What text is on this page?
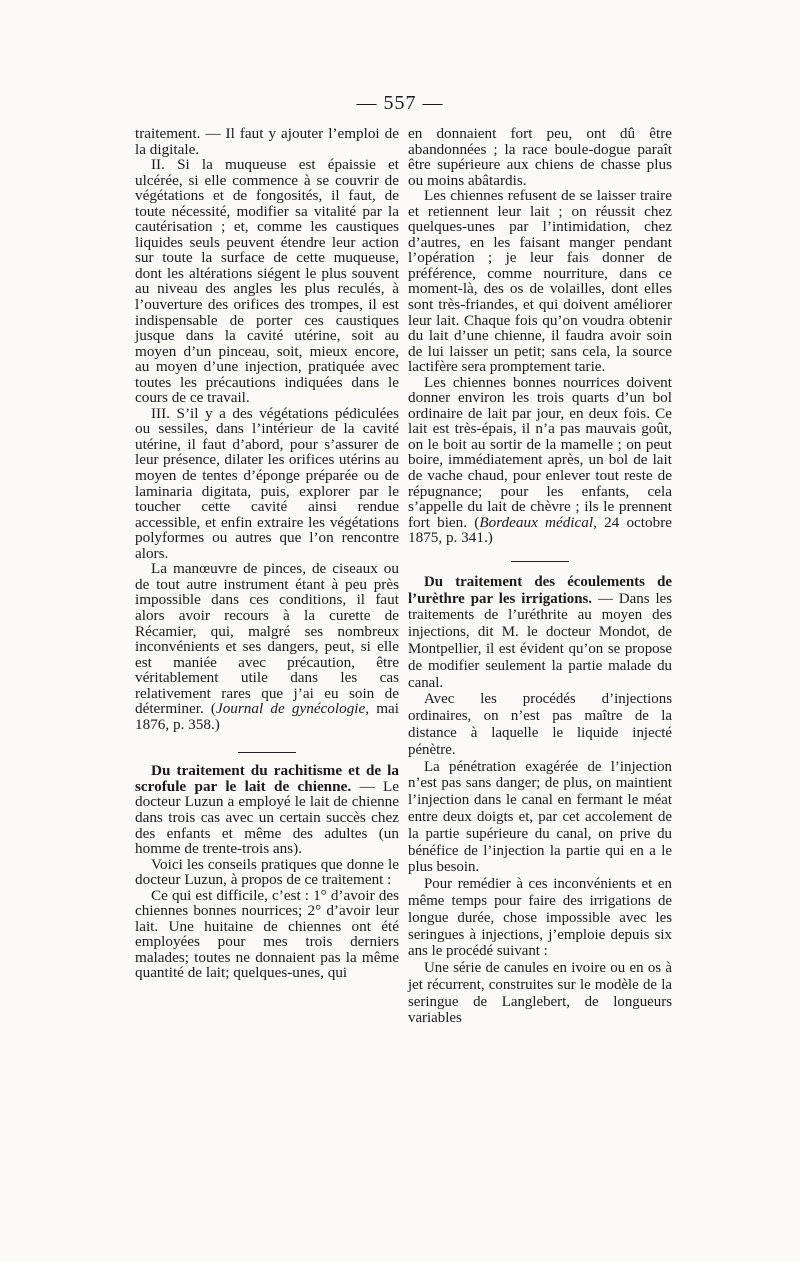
— 557 —

traitement. — Il faut y ajouter l’emploi de la digitale.

II. Si la muqueuse est épaissie et ulcérée, si elle commence à se couvrir de végétations et de fongosités, il faut, de toute nécessité, modifier sa vitalité par la cautérisation ; et, comme les caustiques liquides seuls peuvent étendre leur action sur toute la surface de cette muqueuse, dont les altérations siégent le plus souvent au niveau des angles les plus reculés, à l’ouverture des orifices des trompes, il est indispensable de porter ces caustiques jusque dans la cavité utérine, soit au moyen d’un pinceau, soit, mieux encore, au moyen d’une injection, pratiquée avec toutes les précautions indiquées dans le cours de ce travail.

III. S’il y a des végétations pédiculées ou sessiles, dans l’intérieur de la cavité utérine, il faut d’abord, pour s’assurer de leur présence, dilater les orifices utérins au moyen de tentes d’éponge préparée ou de laminaria digitata, puis, explorer par le toucher cette cavité ainsi rendue accessible, et enfin extraire les végétations polyformes ou autres que l’on rencontre alors.

La manœuvre de pinces, de ciseaux ou de tout autre instrument étant à peu près impossible dans ces conditions, il faut alors avoir recours à la curette de Récamier, qui, malgré ses nombreux inconvénients et ses dangers, peut, si elle est maniée avec précaution, être véritablement utile dans les cas relativement rares que j’ai eu soin de déterminer. (Journal de gynécologie, mai 1876, p. 358.)

Du traitement du rachitisme et de la scrofule par le lait de chienne. — Le docteur Luzun a employé le lait de chienne dans trois cas avec un certain succès chez des enfants et même des adultes (un homme de trente-trois ans).

Voici les conseils pratiques que donne le docteur Luzun, à propos de ce traitement :

Ce qui est difficile, c’est : 1° d’avoir des chiennes bonnes nourrices; 2° d’avoir leur lait. Une huitaine de chiennes ont été employées pour mes trois derniers malades; toutes ne donnaient pas la même quantité de lait; quelques-unes, qui

en donnaient fort peu, ont dû être abandonnées ; la race boule-dogue paraît être supérieure aux chiens de chasse plus ou moins abâtardis.

Les chiennes refusent de se laisser traire et retiennent leur lait ; on réussit chez quelques-unes par l’intimidation, chez d’autres, en les faisant manger pendant l’opération ; je leur fais donner de préférence, comme nourriture, dans ce moment-là, des os de volailles, dont elles sont très-friandes, et qui doivent améliorer leur lait. Chaque fois qu’on voudra obtenir du lait d’une chienne, il faudra avoir soin de lui laisser un petit; sans cela, la source lactifère sera promptement tarie.

Les chiennes bonnes nourrices doivent donner environ les trois quarts d’un bol ordinaire de lait par jour, en deux fois. Ce lait est très-épais, il n’a pas mauvais goût, on le boit au sortir de la mamelle ; on peut boire, immédiatement après, un bol de lait de vache chaud, pour enlever tout reste de répugnance; pour les enfants, cela s’appelle du lait de chèvre ; ils le prennent fort bien. (Bordeaux médical, 24 octobre 1875, p. 341.)

Du traitement des écoulements de l’urèthre par les irrigations. — Dans les traitements de l’uréthrite au moyen des injections, dit M. le docteur Mondot, de Montpellier, il est évident qu’on se propose de modifier seulement la partie malade du canal.

Avec les procédés d’injections ordinaires, on n’est pas maître de la distance à laquelle le liquide injecté pénètre.

La pénétration exagérée de l’injection n’est pas sans danger; de plus, on maintient l’injection dans le canal en fermant le méat entre deux doigts et, par cet accolement de la partie supérieure du canal, on prive du bénéfice de l’injection la partie qui en a le plus besoin.

Pour remédier à ces inconvénients et en même temps pour faire des irrigations de longue durée, chose impossible avec les seringues à injections, j’emploie depuis six ans le procédé suivant :

Une série de canules en ivoire ou en os à jet récurrent, construites sur le modèle de la seringue de Langlebert, de longueurs variables
